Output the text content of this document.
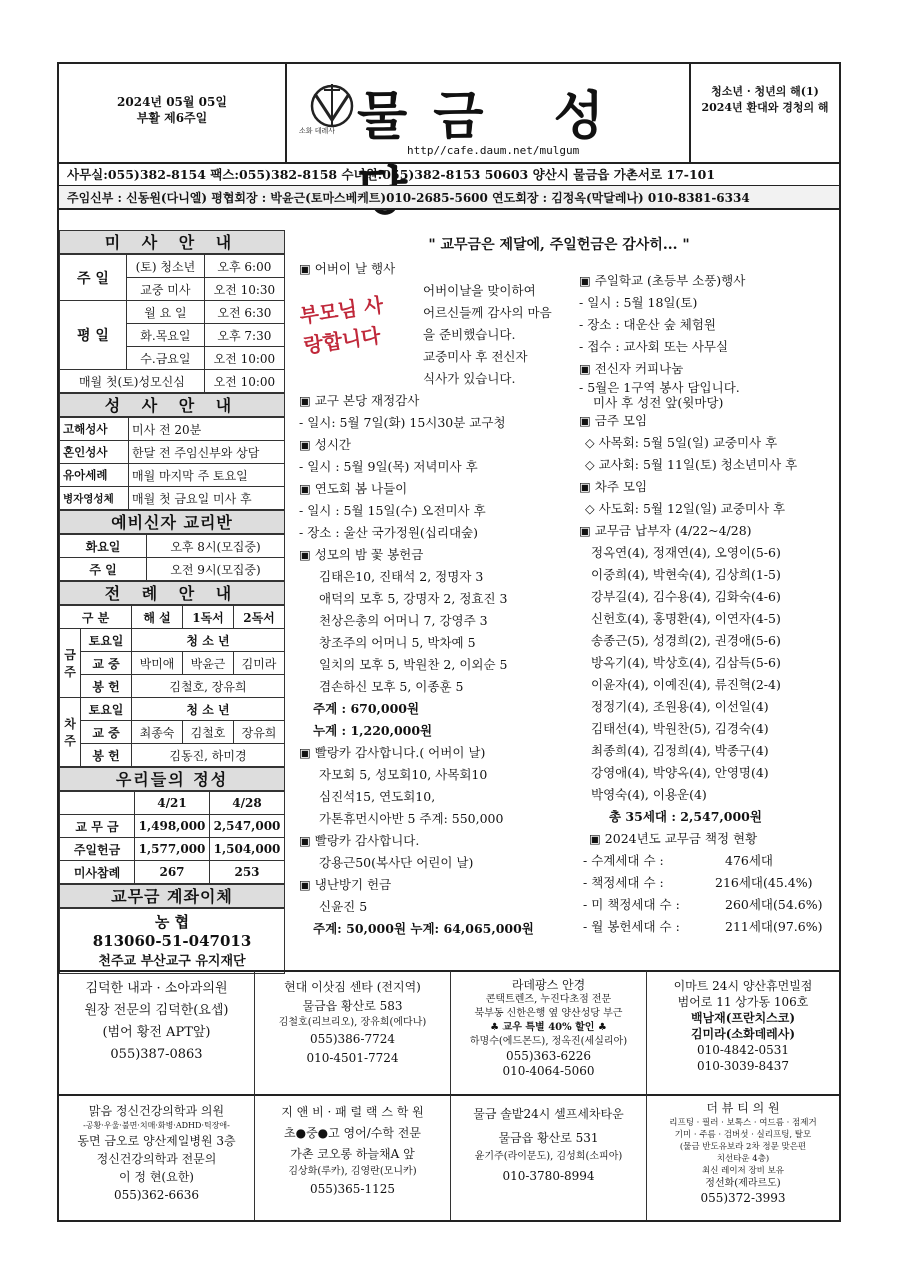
2024년 05월 05일
부활 제6주일
소화 데레사 물금 성
http//cafe.daum.net/mulgum
청소년 · 청년의 해(1)
2024년 환대와 경청의 해
사무실:055)382-8154 팩스:055)382-8158 수녀원:055)382-8153 50603 양산시 물금읍 가촌서로 17-101
주임신부 : 신동원(다니엘) 평협회장 : 박윤근(토마스베케트)010-2685-5600 연도회장 : 김정옥(막달레나) 010-8381-6334
미 사 안 내
주 일	(토) 청소년	오후 6:00
	교중 미사	오전 10:30
평 일	월 요 일	오전 6:30
	화.목요일	오후 7:30
	수.금요일	오전 10:00
매월 첫(토)성모신심		오전 10:00
성 사 안 내
고해성사	미사 전 20분
혼인성사	한달 전 주임신부와 상담
유아세례	매월 마지막 주 토요일
병자영성체	매월 첫 금요일 미사 후
예비신자 교리반
화요일	오후 8시(모집중)
주 일	오전 9시(모집중)
전 례 안 내
구 분		해 설	1독서	2독서
금주	토요일	청 소 년		
	교 중	박미애	박윤근	김미라
	봉 헌	김철호, 장유희		
차주	토요일	청 소 년		
	교 중	최종숙	김철호	장유희
	봉 헌	김동진, 하미경		
우리들의 정성
	4/21	4/28
교 무 금	1,498,000	2,547,000
주일헌금	1,577,000	1,504,000
미사참례	267	253
교무금 계좌이체
농 협
813060-51-047013
천주교 부산교구 유지재단
" 교무금은 제달에, 주일헌금은 감사히... "
▣ 어버이 날 행사
부모님 사랑합니다
어버이날을 맞이하여
어르신들께 감사의 마음
을 준비했습니다.
교중미사 후 전신자
식사가 있습니다.
▣ 교구 본당 재정감사
- 일시: 5월 7일(화) 15시30분 교구청
▣ 성시간
- 일시 : 5월 9일(목) 저녁미사 후
▣ 연도회 봄 나들이
- 일시 : 5월 15일(수) 오전미사 후
- 장소 : 울산 국가정원(십리대숲)
▣ 성모의 밤 꽃 봉헌금
김태은10, 진태석 2, 정명자 3
애덕의 모후 5, 강명자 2, 정효진 3
천상은총의 어머니 7, 강영주 3
창조주의 어머니 5, 박차예 5
일치의 모후 5, 박원찬 2, 이외순 5
겸손하신 모후 5, 이종훈 5
주계 : 670,000원
누계 : 1,220,000원
▣ 빨랑카 감사합니다.( 어버이 날)
자모회 5, 성모회10, 사목회10
심진석15, 연도회10,
가톤휴먼시아반 5 주계: 550,000
▣ 빨랑카 감사합니다.
강용근50(복사단 어린이 날)
▣ 냉난방기 헌금
신윤진 5
주계: 50,000원 누계: 64,065,000원
▣ 주일학교 (초등부 소풍)행사
- 일시 : 5월 18일(토)
- 장소 : 대운산 숲 체험원
- 접수 : 교사회 또는 사무실
▣ 전신자 커피나눔
- 5월은 1구역 봉사 담입니다.
미사 후 성전 앞(윗마당)
▣ 금주 모임
◇ 사목회: 5월 5일(일) 교중미사 후
◇ 교사회: 5월 11일(토) 청소년미사 후
▣ 차주 모임
◇ 사도회: 5월 12일(일) 교중미사 후
▣ 교무금 납부자 (4/22~4/28)
정옥연(4), 정재연(4), 오영이(5-6)
이중희(4), 박현숙(4), 김상희(1-5)
강부길(4), 김수용(4), 김화숙(4-6)
신헌호(4), 홍명환(4), 이연자(4-5)
송종근(5), 성경희(2), 권경애(5-6)
방옥기(4), 박상호(4), 김삼득(5-6)
이윤자(4), 이예진(4), 류진혁(2-4)
정정기(4), 조원용(4), 이선일(4)
김태선(4), 박원찬(5), 김경숙(4)
최종희(4), 김정희(4), 박종구(4)
강영애(4), 박양옥(4), 안영명(4)
박영숙(4), 이용운(4)
총 35세대 : 2,547,000원
▣ 2024년도 교무금 책정 현황
- 수계세대 수 :	476세대
- 책정세대 수 :	216세대(45.4%)
- 미 책정세대 수 :	260세대(54.6%)
- 월 봉헌세대 수 :	211세대(97.6%)
김덕한 내과 · 소아과의원
원장 전문의 김덕한(요셉)
(범어 황전 APT앞)
055)387-0863
현대 이삿짐 센타 (전지역)
물금읍 황산로 583
김철호(리브리오), 장유희(에다나)
055)386-7724
010-4501-7724
라데팡스 안경
콘택트렌즈, 누진다초점 전문
북부동 신한은행 옆 양산성당 부근
♣ 교우 특별 40% 할인 ♣
하명수(에드몬드), 정옥진(세실리아)
055)363-6226
010-4064-5060
이마트 24시 양산휴먼빌점
범어로 11 상가동 106호
백남재(프란치스코)
김미라(소화데레사)
010-4842-0531
010-3039-8437
맑음 정신건강의학과 의원
-공황·우울·불면·치매·화병·ADHD·틱장애-
동면 금오로 양산제일병원 3층
정신건강의학과 전문의
이 정 현(요한)
055)362-6636
지 앤 비 · 패 럴 랙 스 학 원
초●중●고 영어/수학 전문
가촌 코오롱 하늘채A 앞
김상화(루카), 김영란(모니카)
055)365-1125
물금 솔밭24시 셀프세차타운
물금읍 황산로 531
윤기주(라이문도), 김성희(소피아)
010-3780-8994
더 뷰 티 의 원
리프팅 · 필러 · 보톡스 · 여드름 · 점제거
기미 · 주름 · 검버섯 · 실리프팅, 탈모
(물금 반도유보라 2차 정문 맞은편
치선타운 4층)
최신 레이저 장비 보유
정선화(제라르도)
055)372-3993
